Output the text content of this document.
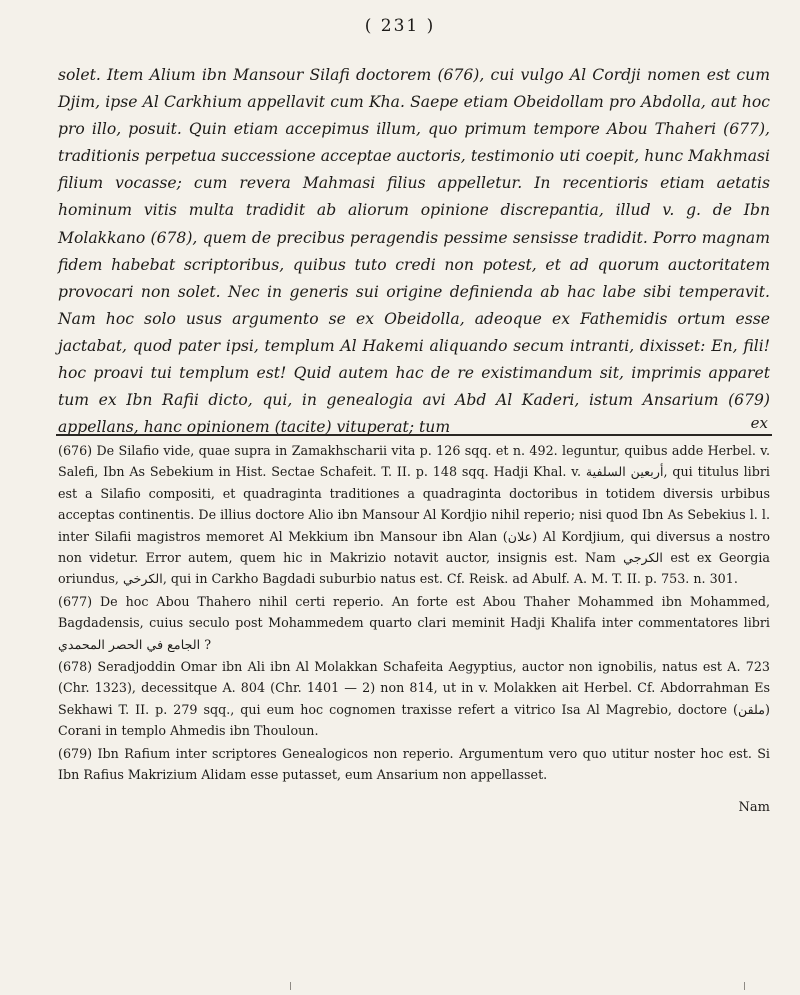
( 231 )

solet. Item Alium ibn Mansour Silafi doctorem (676), cui vulgo Al Cordji nomen est cum Djim, ipse Al Carkhium appellavit cum Kha. Saepe etiam Obeidollam pro Abdolla, aut hoc pro illo, posuit. Quin etiam accepimus illum, quo primum tempore Abou Thaheri (677), traditionis perpetua successione acceptae auctoris, testimonio uti coepit, hunc Makhmasi filium vocasse; cum revera Mahmasi filius appelletur. In recentioris etiam aetatis hominum vitis multa tradidit ab aliorum opinione discrepantia, illud v. g. de Ibn Molakkano (678), quem de precibus peragendis pessime sensisse tradidit. Porro magnam fidem habebat scriptoribus, quibus tuto credi non potest, et ad quorum auctoritatem provocari non solet. Nec in generis sui origine definienda ab hac labe sibi temperavit. Nam hoc solo usus argumento se ex Obeidolla, adeoque ex Fathemidis ortum esse jactabat, quod pater ipsi, templum Al Hakemi aliquando secum intranti, dixisset: En, fili! hoc proavi tui templum est! Quid autem hac de re existimandum sit, imprimis apparet tum ex Ibn Rafii dicto, qui, in genealogia avi Abd Al Kaderi, istum Ansarium (679) appellans, hanc opinionem (tacite) vituperat; tum	ex

(676) De Silafio vide, quae supra in Zamakhscharii vita p. 126 sqq. et n. 492. leguntur, quibus adde Herbel. v. Salefi, Ibn As Sebekium in Hist. Sectae Schafeit. T. II. p. 148 sqq. Hadji Khal. v. أربعين السلفية, qui titulus libri est a Silafio compositi, et quadraginta traditiones a quadraginta doctoribus in totidem diversis urbibus acceptas continentis. De illius doctore Alio ibn Mansour Al Kordjio nihil reperio; nisi quod Ibn As Sebekius l. l. inter Silafii magistros memoret Al Mekkium ibn Mansour ibn Alan (علان) Al Kordjium, qui diversus a nostro non videtur. Error autem, quem hic in Makrizio notavit auctor, insignis est. Nam الكرجي est ex Georgia oriundus, الكرخي, qui in Carkho Bagdadi suburbio natus est. Cf. Reisk. ad Abulf. A. M. T. II. p. 753. n. 301.

(677) De hoc Abou Thahero nihil certi reperio. An forte est Abou Thaher Mohammed ibn Mohammed, Bagdadensis, cuius seculo post Mohammedem quarto clari meminit Hadji Khalifa inter commentatores libri الجامع في الحصر المحمدي ?

(678) Seradjoddin Omar ibn Ali ibn Al Molakkan Schafeita Aegyptius, auctor non ignobilis, natus est A. 723 (Chr. 1323), decessitque A. 804 (Chr. 1401 — 2) non 814, ut in v. Molakken ait Herbel. Cf. Abdorrahman Es Sekhawi T. II. p. 279 sqq., qui eum hoc cognomen traxisse refert a vitrico Isa Al Magrebio, doctore (ملقن) Corani in templo Ahmedis ibn Thouloun.

(679) Ibn Rafium inter scriptores Genealogicos non reperio. Argumentum vero quo utitur noster hoc est. Si Ibn Rafius Makrizium Alidam esse putasset, eum Ansarium non appellasset.

Nam
